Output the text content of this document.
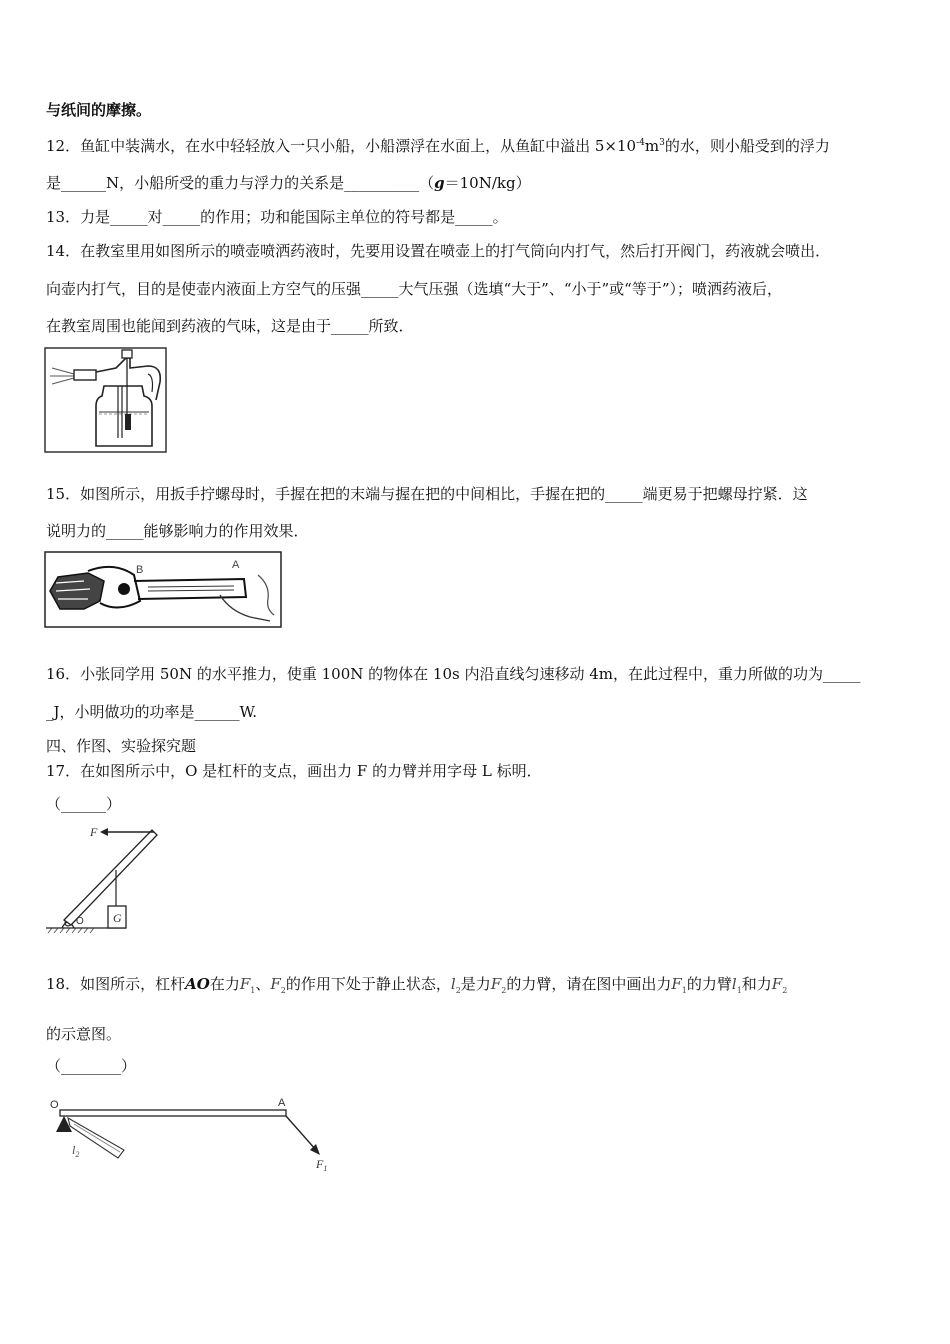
与纸间的摩擦。
12．鱼缸中装满水，在水中轻轻放入一只小船，小船漂浮在水面上，从鱼缸中溢出 $5\times 10^{-4}m^3$的水，则小船受到的浮力
是______N，小船所受的重力与浮力的关系是__________（g＝10N/kg）
13．力是_____对_____的作用；功和能国际主单位的符号都是_____。
14．在教室里用如图所示的喷壶喷洒药液时，先要用设置在喷壶上的打气筒向内打气，然后打开阀门，药液就会喷出．
向壶内打气，目的是使壶内液面上方空气的压强_____大气压强（选填“大于”、“小于”或“等于”）；喷洒药液后，
在教室周围也能闻到药液的气味，这是由于_____所致．
15．如图所示，用扳手拧螺母时，手握在把的末端与握在把的中间相比，手握在把的_____端更易于把螺母拧紧．这
说明力的_____能够影响力的作用效果．
B	A
16．小张同学用 50N 的水平推力，使重 100N 的物体在 10s 内沿直线匀速移动 4m，在此过程中，重力所做的功为_____
_J，小明做功的功率是______W.
四、作图、实验探究题
17．在如图所示中，O 是杠杆的支点，画出力 F 的力臂并用字母 L 标明．
（______）
G
F
O
18．如图所示，杠杆AO在力$F_1$、$F_2$的作用下处于静止状态，$l_2$是力$F_2$的力臂，请在图中画出力$F_1$的力臂$l_1$和力$F_2$
的示意图。
（________）
O	A
$l_2$
$F_1$
